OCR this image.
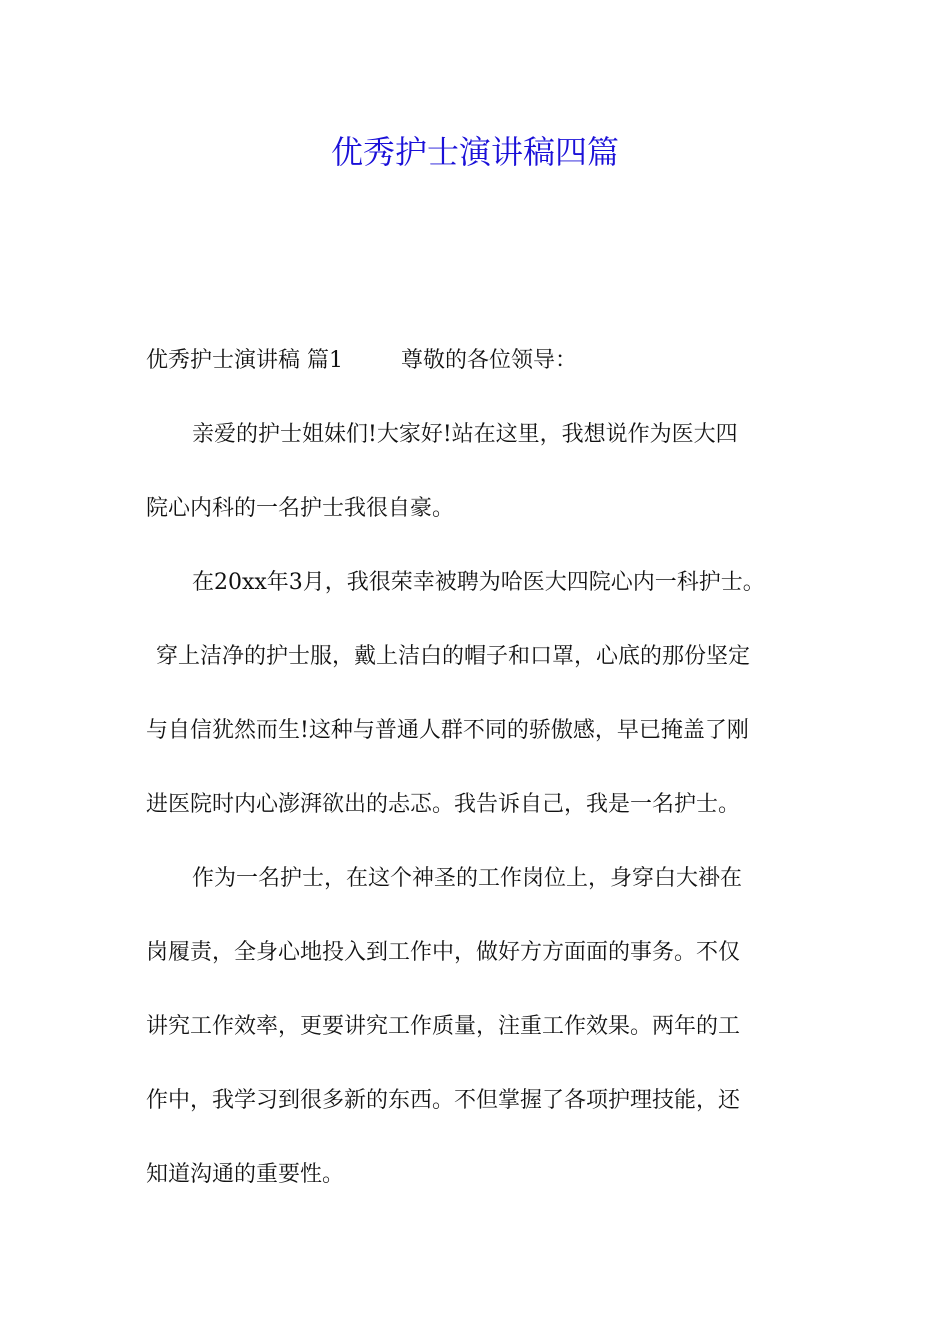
优秀护士演讲稿四篇

优秀护士演讲稿 篇1	尊敬的各位领导：

亲爱的护士姐妹们!大家好!站在这里，我想说作为医大四

院心内科的一名护士我很自豪。

在20xx年3月，我很荣幸被聘为哈医大四院心内一科护士。

穿上洁净的护士服，戴上洁白的帽子和口罩，心底的那份坚定

与自信犹然而生!这种与普通人群不同的骄傲感，早已掩盖了刚

进医院时内心澎湃欲出的忐忑。我告诉自己，我是一名护士。

作为一名护士，在这个神圣的工作岗位上，身穿白大褂在

岗履责，全身心地投入到工作中，做好方方面面的事务。不仅

讲究工作效率，更要讲究工作质量，注重工作效果。两年的工

作中，我学习到很多新的东西。不但掌握了各项护理技能，还

知道沟通的重要性。
